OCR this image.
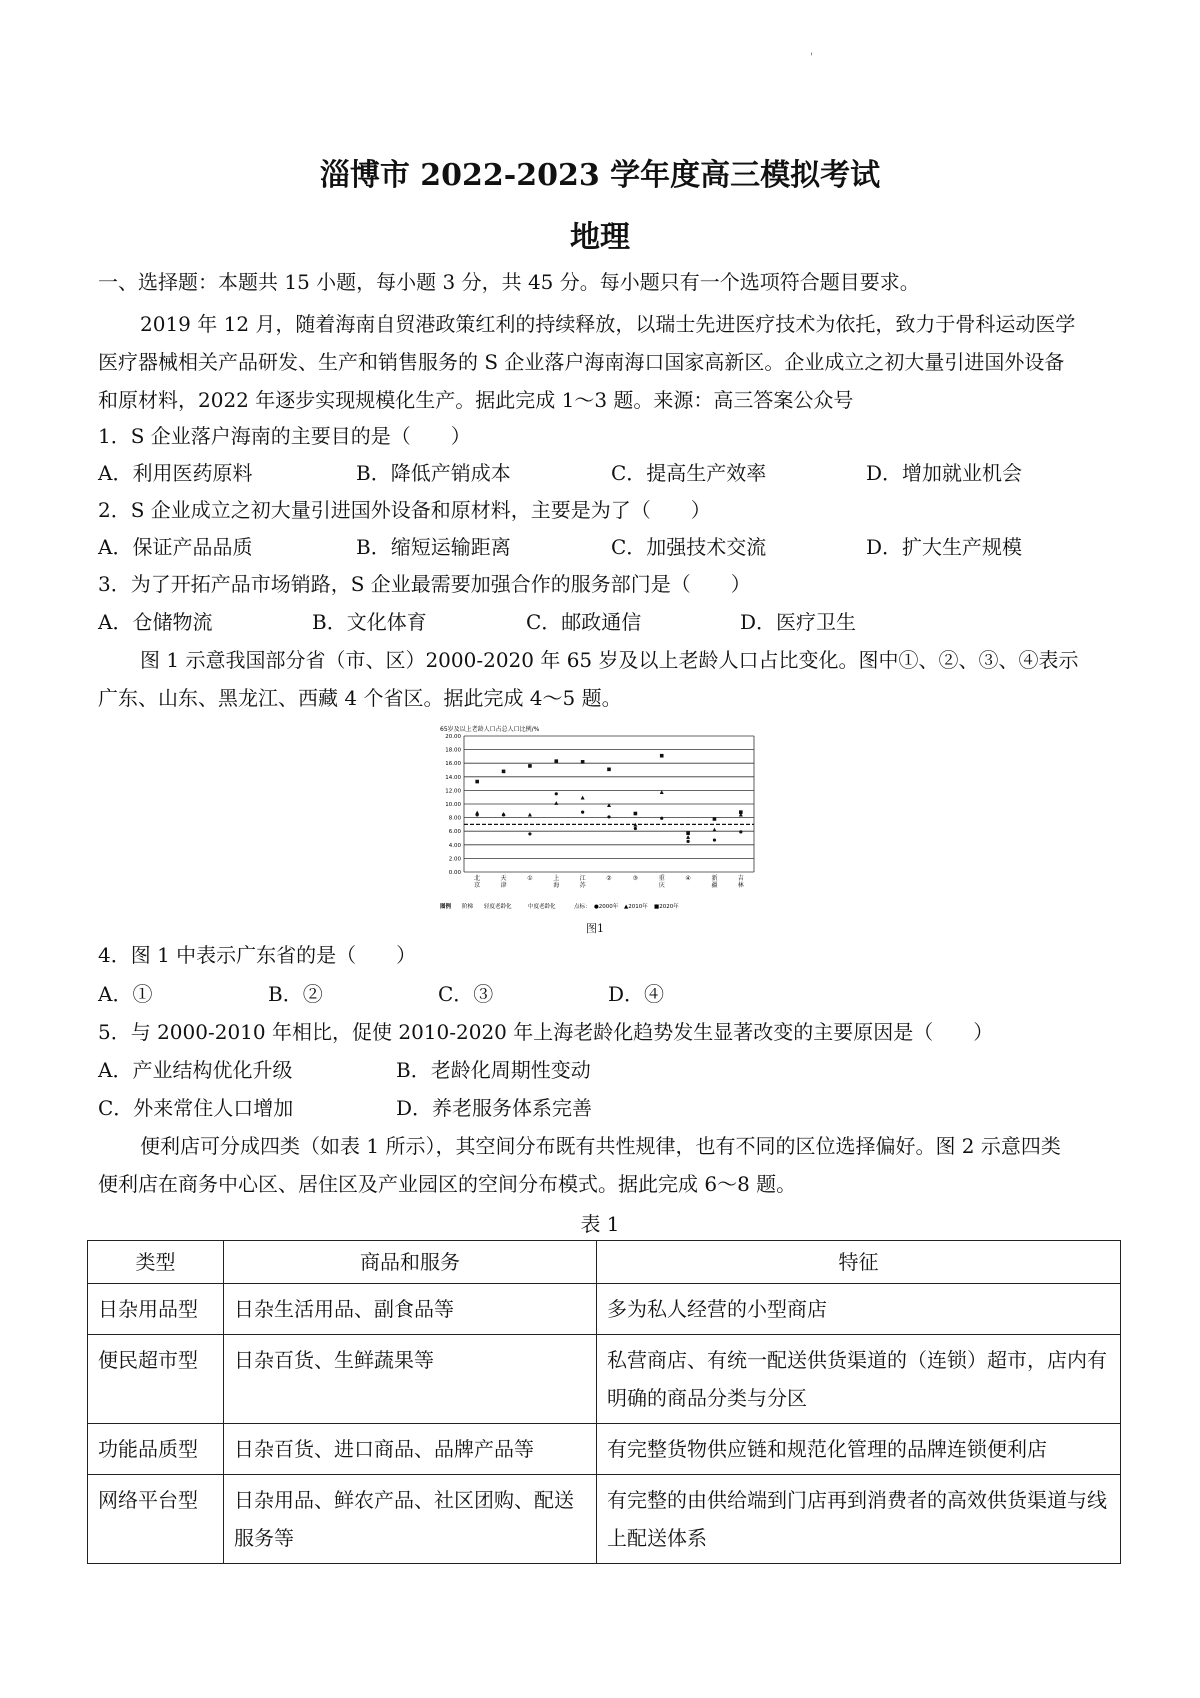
'
淄博市 2022-2023 学年度高三模拟考试
地理
一、选择题：本题共 15 小题，每小题 3 分，共 45 分。每小题只有一个选项符合题目要求。
2019 年 12 月，随着海南自贸港政策红利的持续释放，以瑞士先进医疗技术为依托，致力于骨科运动医学
医疗器械相关产品研发、生产和销售服务的 S 企业落户海南海口国家高新区。企业成立之初大量引进国外设备
和原材料，2022 年逐步实现规模化生产。据此完成 1～3 题。来源：高三答案公众号
1．S 企业落户海南的主要目的是（　　）
A．利用医药原料	B．降低产销成本	C．提高生产效率	D．增加就业机会
2．S 企业成立之初大量引进国外设备和原材料，主要是为了（　　）
A．保证产品品质	B．缩短运输距离	C．加强技术交流	D．扩大生产规模
3．为了开拓产品市场销路，S 企业最需要加强合作的服务部门是（　　）
A．仓储物流	B．文化体育	C．邮政通信	D．医疗卫生
图 1 示意我国部分省（市、区）2000-2020 年 65 岁及以上老龄人口占比变化。图中①、②、③、④表示
广东、山东、黑龙江、西藏 4 个省区。据此完成 4～5 题。
65岁及以上老龄人口占总人口比例/%
0.00
2.00
4.00
6.00
8.00
10.00
12.00
14.00
16.00
18.00
20.00
北
京
天
津
①	上
海
江
苏
②	③	重
庆
④	新
疆
吉
林
图例 阶梯 轻度老龄化	中度老龄化	点标： ●2000年 ▲2010年 ■2020年
图1
4．图 1 中表示广东省的是（　　）
A．①	B．②	C．③	D．④
5．与 2000-2010 年相比，促使 2010-2020 年上海老龄化趋势发生显著改变的主要原因是（　　）
A．产业结构优化升级	B．老龄化周期性变动
C．外来常住人口增加	D．养老服务体系完善
便利店可分成四类（如表 1 所示），其空间分布既有共性规律，也有不同的区位选择偏好。图 2 示意四类
便利店在商务中心区、居住区及产业园区的空间分布模式。据此完成 6～8 题。
表 1
类型	商品和服务	特征
日杂用品型	日杂生活用品、副食品等	多为私人经营的小型商店
便民超市型	日杂百货、生鲜蔬果等	私营商店、有统一配送供货渠道的（连锁）超市，店内有明确的商品分类与分区
功能品质型	日杂百货、进口商品、品牌产品等	有完整货物供应链和规范化管理的品牌连锁便利店
网络平台型	日杂用品、鲜农产品、社区团购、配送服务等	有完整的由供给端到门店再到消费者的高效供货渠道与线上配送体系
